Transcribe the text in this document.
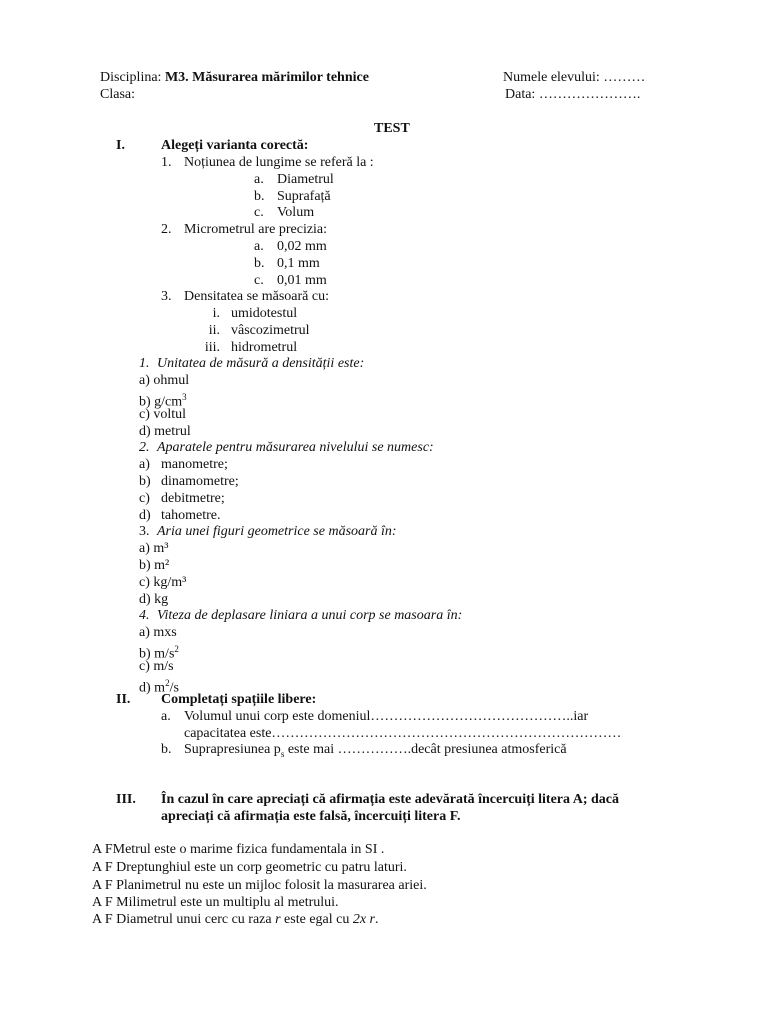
Disciplina: M3. Măsurarea mărimilor tehnice	Numele elevului: ………
Clasa:	Data: ………………….
TEST
I.	Alegeți varianta corectă:
1. Noțiunea de lungime se referă la :
a. Diametrul
b. Suprafață
c. Volum
2. Micrometrul are precizia:
a. 0,02 mm
b. 0,1 mm
c. 0,01 mm
3. Densitatea se măsoară cu:
i. umidotestul
ii. vâscozimetrul
iii. hidrometrul
1. Unitatea de măsură a densității este:
a) ohmul
b) $g/cm^3$
c) voltul
d) metrul
2. Aparatele pentru măsurarea nivelului se numesc:
a) manometre;
b) dinamometre;
c) debitmetre;
d) tahometre.
3. Aria unei figuri geometrice se măsoară în:
a) m³
b) m²
c) kg/m³
d) kg
4. Viteza de deplasare liniara a unui corp se masoara în:
a) mxs
b) $m/s^2$
c) m/s
d) $m^2/s$
II. Completați spațiile libere:
a. Volumul unui corp este domeniul……………………………………..iar
capacitatea este…………………………………………………………………
b. Suprapresiunea $p_s$ este mai …………….decât presiunea atmosferică
III. În cazul în care apreciați că afirmația este adevărată încercuiți litera A; dacă
apreciați că afirmația este falsă, încercuiți litera F.
A FMetrul este o marime fizica fundamentala in SI .
A F Dreptunghiul este un corp geometric cu patru laturi.
A F Planimetrul nu este un mijloc folosit la masurarea ariei.
A F Milimetrul este un multiplu al metrului.
A F Diametrul unui cerc cu raza r este egal cu 2x r.
